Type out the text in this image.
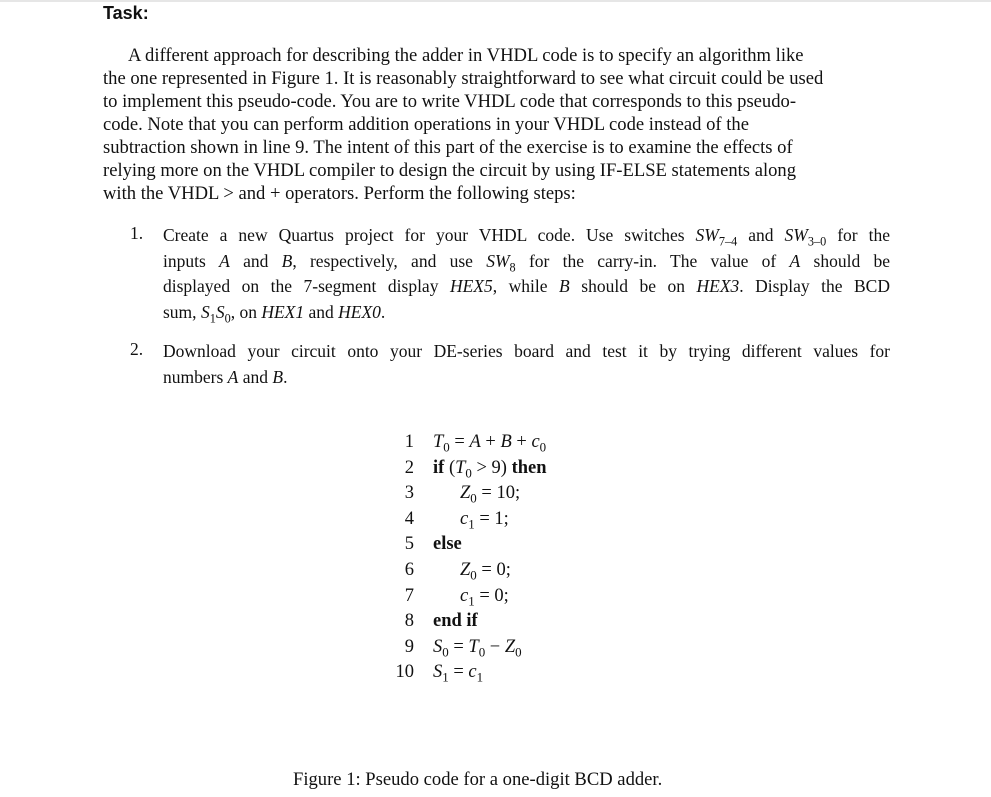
Task:
A different approach for describing the adder in VHDL code is to specify an algorithm like
the one represented in Figure 1. It is reasonably straightforward to see what circuit could be used
to implement this pseudo-code. You are to write VHDL code that corresponds to this pseudo-
code. Note that you can perform addition operations in your VHDL code instead of the
subtraction shown in line 9. The intent of this part of the exercise is to examine the effects of
relying more on the VHDL compiler to design the circuit by using IF-ELSE statements along
with the VHDL > and + operators. Perform the following steps:
1. Create a new Quartus project for your VHDL code. Use switches $SW_{7-4}$ and $SW_{3-0}$ for the
inputs A and B, respectively, and use $SW_8$ for the carry-in. The value of A should be
displayed on the 7-segment display HEX5, while B should be on HEX3. Display the BCD
sum, $S_1S_0$, on HEX1 and HEX0.
2. Download your circuit onto your DE-series board and test it by trying different values for
numbers A and B.
1 $T_0 = A + B + c_0$
2 if $(T_0 > 9)$ then
3 $Z_0 = 10$;
4 $c_1 = 1$;
5 else
6 $Z_0 = 0$;
7 $c_1 = 0$;
8 end if
9 $S_0 = T_0 - Z_0$
10 $S_1 = c_1$
Figure 1: Pseudo code for a one-digit BCD adder.
